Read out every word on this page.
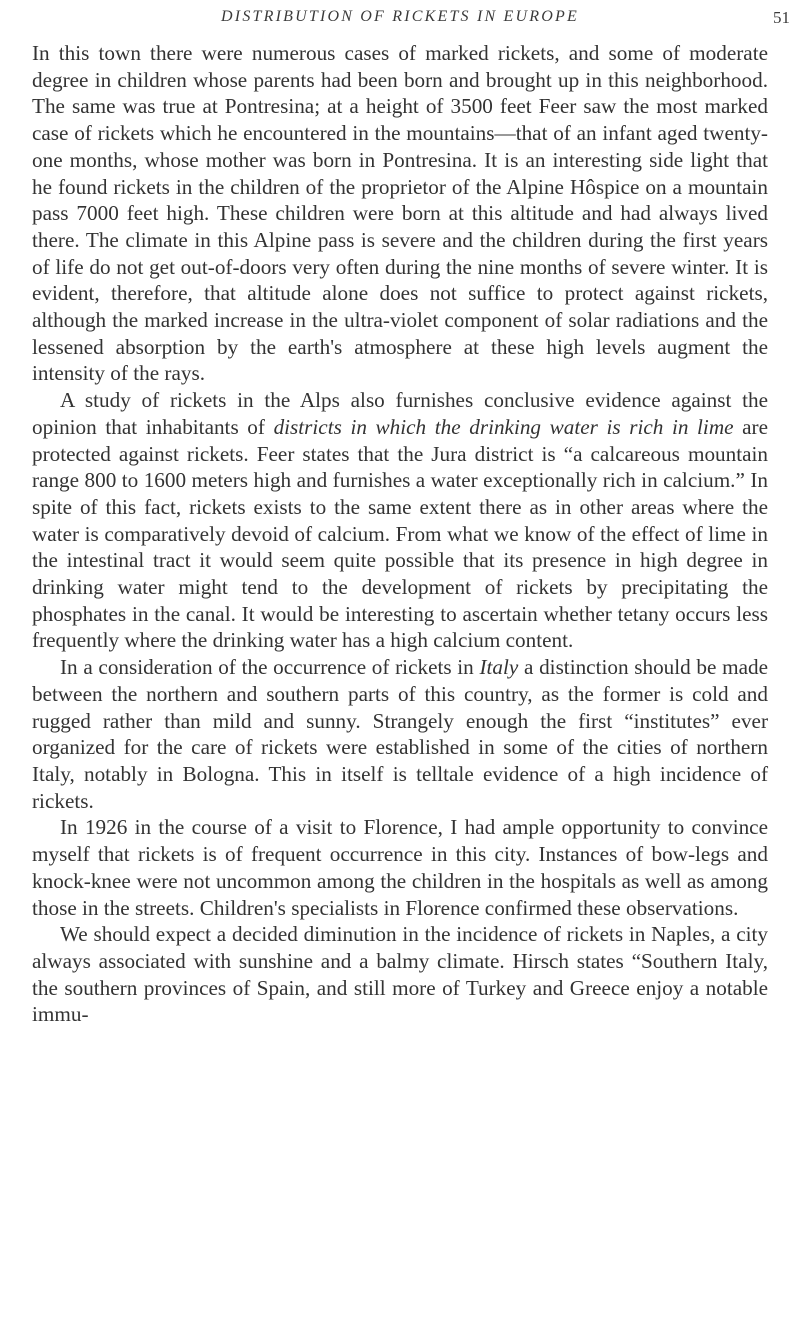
DISTRIBUTION OF RICKETS IN EUROPE	51

In this town there were numerous cases of marked rickets, and some of moderate degree in children whose parents had been born and brought up in this neighborhood. The same was true at Pontresina; at a height of 3500 feet Feer saw the most marked case of rickets which he encountered in the mountains—that of an infant aged twenty-one months, whose mother was born in Pontresina. It is an interesting side light that he found rickets in the children of the proprietor of the Alpine Hôspice on a mountain pass 7000 feet high. These children were born at this altitude and had always lived there. The climate in this Alpine pass is severe and the children during the first years of life do not get out-of-doors very often during the nine months of severe winter. It is evident, therefore, that altitude alone does not suffice to protect against rickets, although the marked increase in the ultra-violet component of solar radiations and the lessened absorption by the earth's atmosphere at these high levels augment the intensity of the rays.

A study of rickets in the Alps also furnishes conclusive evidence against the opinion that inhabitants of districts in which the drinking water is rich in lime are protected against rickets. Feer states that the Jura district is “a calcareous mountain range 800 to 1600 meters high and furnishes a water exceptionally rich in calcium.” In spite of this fact, rickets exists to the same extent there as in other areas where the water is comparatively devoid of calcium. From what we know of the effect of lime in the intestinal tract it would seem quite possible that its presence in high degree in drinking water might tend to the development of rickets by precipitating the phosphates in the canal. It would be interesting to ascertain whether tetany occurs less frequently where the drinking water has a high calcium content.

In a consideration of the occurrence of rickets in Italy a distinction should be made between the northern and southern parts of this country, as the former is cold and rugged rather than mild and sunny. Strangely enough the first “institutes” ever organized for the care of rickets were established in some of the cities of northern Italy, notably in Bologna. This in itself is telltale evidence of a high incidence of rickets.

In 1926 in the course of a visit to Florence, I had ample opportunity to convince myself that rickets is of frequent occurrence in this city. Instances of bow-legs and knock-knee were not uncommon among the children in the hospitals as well as among those in the streets. Children's specialists in Florence confirmed these observations.

We should expect a decided diminution in the incidence of rickets in Naples, a city always associated with sunshine and a balmy climate. Hirsch states “Southern Italy, the southern provinces of Spain, and still more of Turkey and Greece enjoy a notable immu-
